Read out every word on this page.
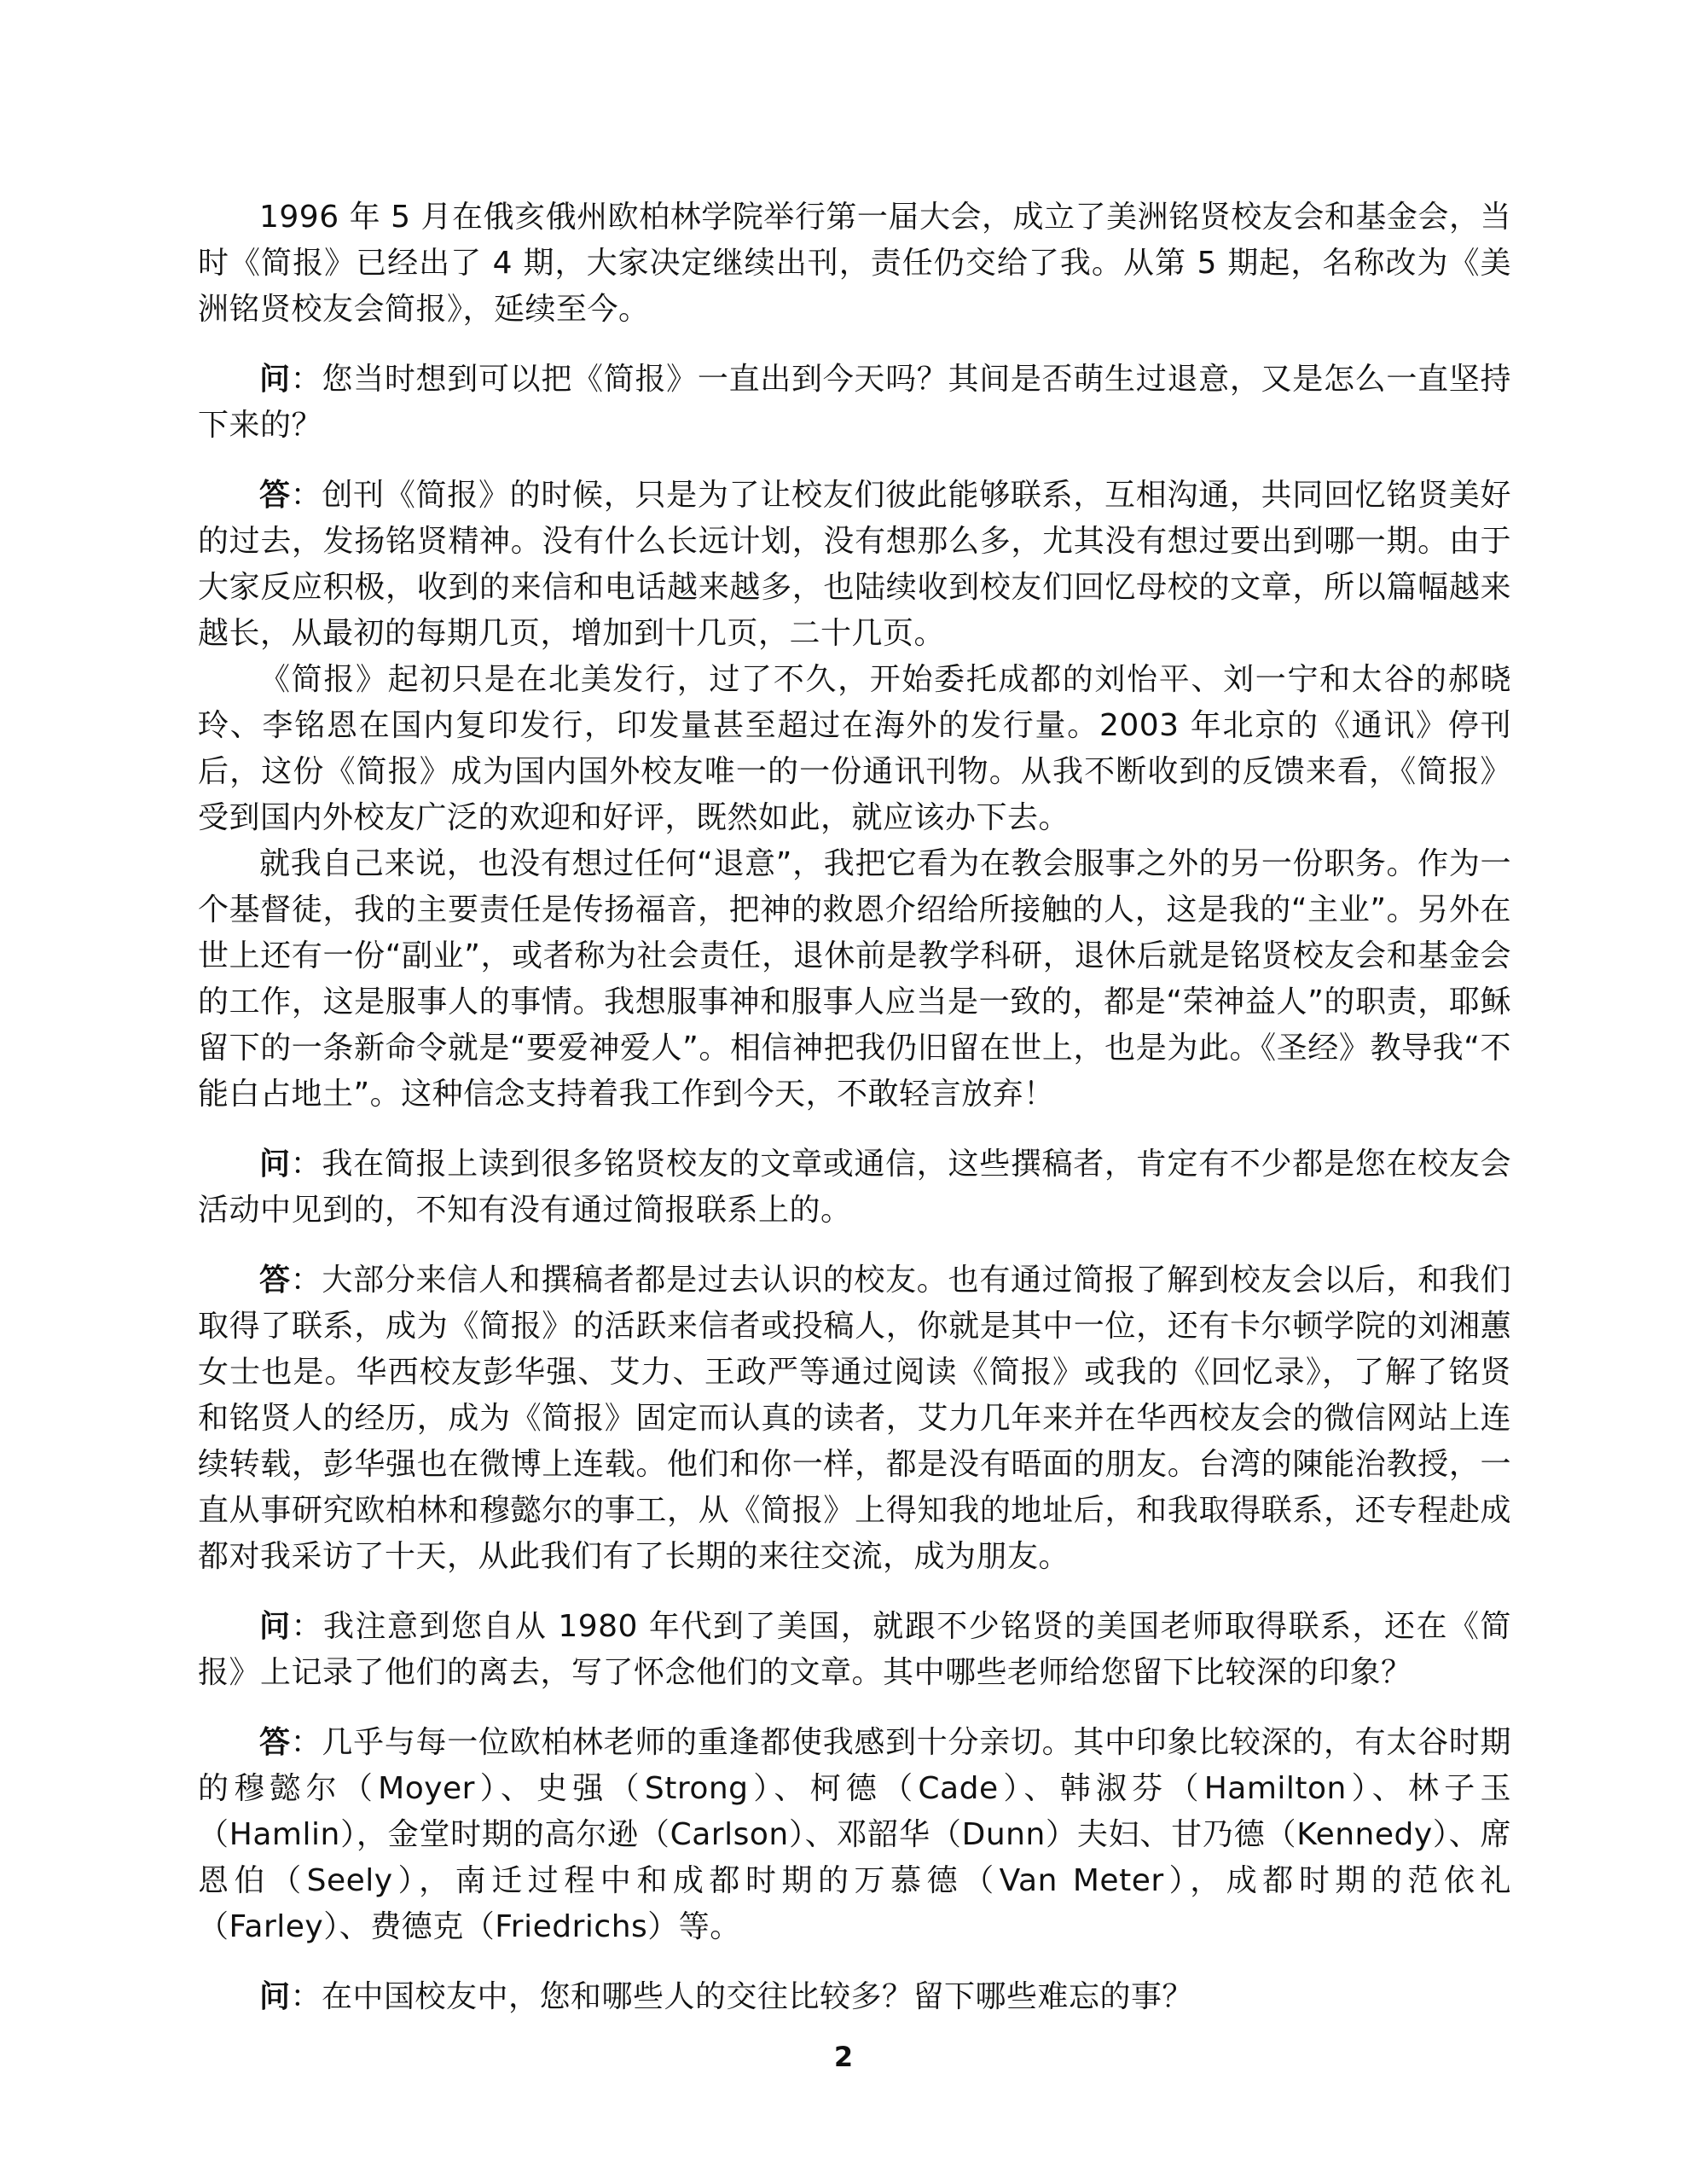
1996 年 5 月在俄亥俄州欧柏林学院举行第一届大会，成立了美洲铭贤校友会和基金会，当时《简报》已经出了 4 期，大家决定继续出刊，责任仍交给了我。从第 5 期起，名称改为《美洲铭贤校友会简报》，延续至今。

问：您当时想到可以把《简报》一直出到今天吗？其间是否萌生过退意，又是怎么一直坚持下来的？

答：创刊《简报》的时候，只是为了让校友们彼此能够联系，互相沟通，共同回忆铭贤美好的过去，发扬铭贤精神。没有什么长远计划，没有想那么多，尤其没有想过要出到哪一期。由于大家反应积极，收到的来信和电话越来越多，也陆续收到校友们回忆母校的文章，所以篇幅越来越长，从最初的每期几页，增加到十几页，二十几页。

《简报》起初只是在北美发行，过了不久，开始委托成都的刘怡平、刘一宁和太谷的郝晓玲、李铭恩在国内复印发行，印发量甚至超过在海外的发行量。2003 年北京的《通讯》停刊后，这份《简报》成为国内国外校友唯一的一份通讯刊物。从我不断收到的反馈来看，《简报》受到国内外校友广泛的欢迎和好评，既然如此，就应该办下去。

就我自己来说，也没有想过任何“退意”，我把它看为在教会服事之外的另一份职务。作为一个基督徒，我的主要责任是传扬福音，把神的救恩介绍给所接触的人，这是我的“主业”。另外在世上还有一份“副业”，或者称为社会责任，退休前是教学科研，退休后就是铭贤校友会和基金会的工作，这是服事人的事情。我想服事神和服事人应当是一致的，都是“荣神益人”的职责，耶稣留下的一条新命令就是“要爱神爱人”。相信神把我仍旧留在世上，也是为此。《圣经》教导我“不能白占地土”。这种信念支持着我工作到今天，不敢轻言放弃！

问：我在简报上读到很多铭贤校友的文章或通信，这些撰稿者，肯定有不少都是您在校友会活动中见到的，不知有没有通过简报联系上的。

答：大部分来信人和撰稿者都是过去认识的校友。也有通过简报了解到校友会以后，和我们取得了联系，成为《简报》的活跃来信者或投稿人，你就是其中一位，还有卡尔顿学院的刘湘蕙女士也是。华西校友彭华强、艾力、王政严等通过阅读《简报》或我的《回忆录》，了解了铭贤和铭贤人的经历，成为《简报》固定而认真的读者，艾力几年来并在华西校友会的微信网站上连续转载，彭华强也在微博上连载。他们和你一样，都是没有晤面的朋友。台湾的陳能治教授，一直从事研究欧柏林和穆懿尔的事工，从《简报》上得知我的地址后，和我取得联系，还专程赴成都对我采访了十天，从此我们有了长期的来往交流，成为朋友。

问：我注意到您自从 1980 年代到了美国，就跟不少铭贤的美国老师取得联系，还在《简报》上记录了他们的离去，写了怀念他们的文章。其中哪些老师给您留下比较深的印象？

答：几乎与每一位欧柏林老师的重逢都使我感到十分亲切。其中印象比较深的，有太谷时期的穆懿尔（Moyer）、史强（Strong）、柯德（Cade）、韩淑芬（Hamilton）、林子玉（Hamlin），金堂时期的高尔逊（Carlson）、邓韶华（Dunn）夫妇、甘乃德（Kennedy）、席恩伯（Seely），南迁过程中和成都时期的万慕德（Van Meter），成都时期的范依礼（Farley）、费德克（Friedrichs）等。

问：在中国校友中，您和哪些人的交往比较多？留下哪些难忘的事？

2
